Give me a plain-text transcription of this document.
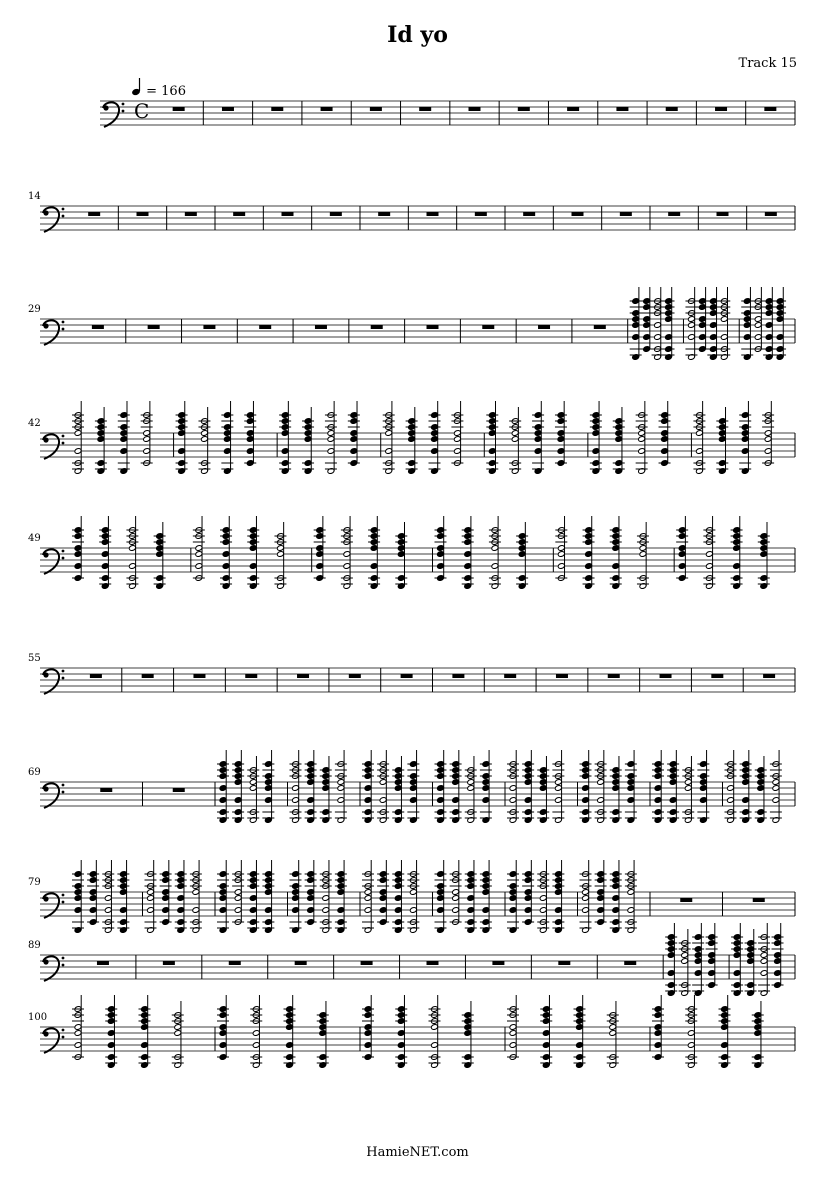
Id yo
Track 15
= 166
C
14
29
42
49
55
69
79
89
100
HamieNET.com
